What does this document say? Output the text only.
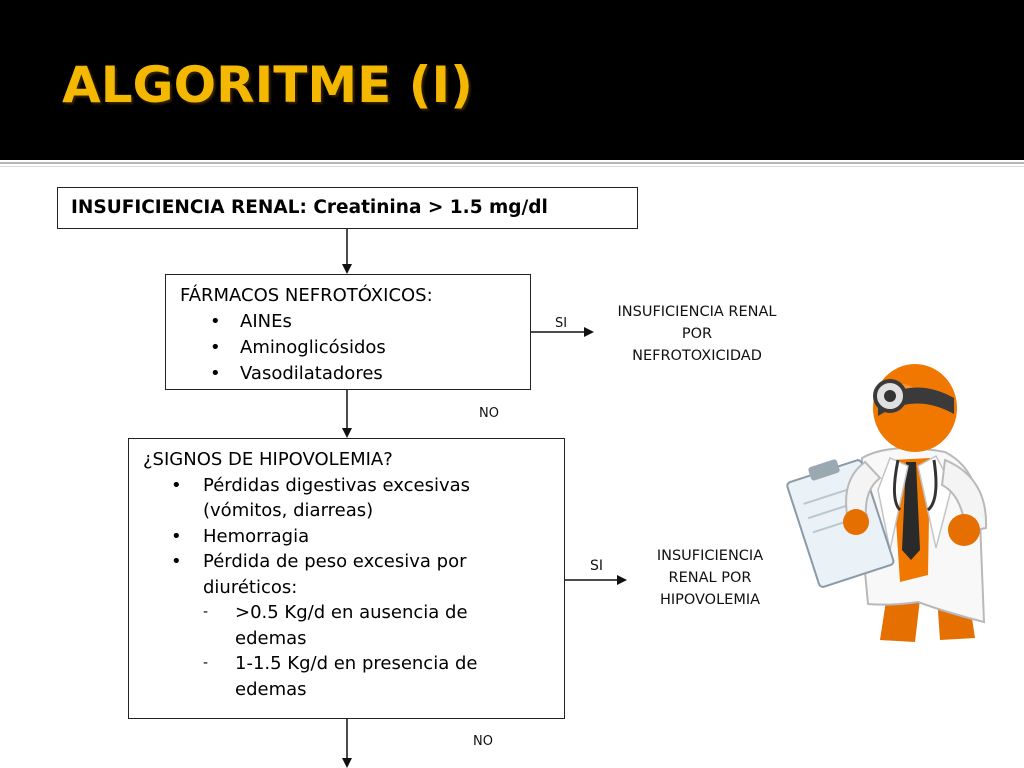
ALGORITME (I)
INSUFICIENCIA RENAL: Creatinina > 1.5 mg/dl
FÁRMACOS NEFROTÓXICOS:
• AINEs
• Aminoglicósidos
• Vasodilatadores
¿SIGNOS DE HIPOVOLEMIA?
• Pérdidas digestivas excesivas (vómitos, diarreas)
• Hemorragia
• Pérdida de peso excesiva por diuréticos:
- >0.5 Kg/d en ausencia de edemas
- 1-1.5 Kg/d en presencia de edemas
INSUFICIENCIA RENAL
POR
NEFROTOXICIDAD
INSUFICIENCIA
RENAL POR
HIPOVOLEMIA
SI
SI
NO
NO
